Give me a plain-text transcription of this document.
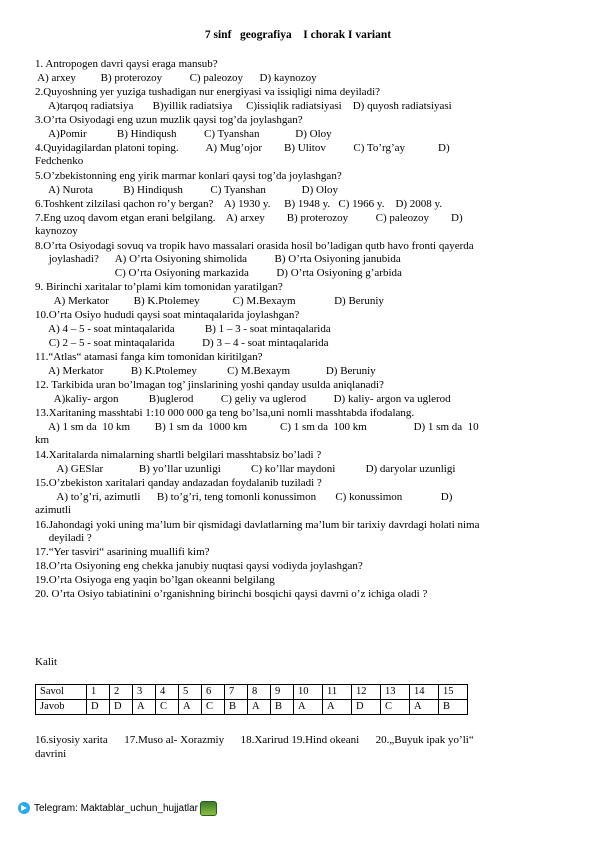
7 sinf   geografiya    I chorak I variant
1. Antropogen davri qaysi eraga mansub?
A) arxey         B) proterozoy          C) paleozoy      D) kaynozoy
2.Quyoshning yer yuziga tushadigan nur energiyasi va issiqligi nima deyiladi?
A)tarqoq radiatsiya       B)yillik radiatsiya     C)issiqlik radiatsiyasi    D) quyosh radiatsiyasi
3.O’rta Osiyodagi eng uzun muzlik qaysi tog’da joylashgan?
A)Pomir           B) Hindiqush          C) Tyanshan             D) Oloy
4.Quyidagilardan platoni toping.          A) Mug’ojor        B) Ulitov          C) To’rg’ay            D)
Fedchenko
5.O’zbekistonning eng yirik marmar konlari qaysi tog’da joylashgan?
A) Nurota           B) Hindiqush          C) Tyanshan             D) Oloy
6.Toshkent zilzilasi qachon ro’y bergan?    A) 1930 y.     B) 1948 y.   C) 1966 y.    D) 2008 y.
7.Eng uzoq davom etgan erani belgilang.    A) arxey        B) proterozoy          C) paleozoy        D)
kaynozoy
8.O’rta Osiyodagi sovuq va tropik havo massalari orasida hosil bo’ladigan qutb havo fronti qayerda
joylashadi?      A) O’rta Osiyoning shimolida          B) O’rta Osiyoning janubida
C) O’rta Osiyoning markazida          D) O’rta Osiyoning g’arbida
9. Birinchi xaritalar to’plami kim tomonidan yaratilgan?
A) Merkator         B) K.Ptolemey            C) M.Bexaym              D) Beruniy
10.O’rta Osiyo hududi qaysi soat mintaqalarida joylashgan?
A) 4 – 5 - soat mintaqalarida           B) 1 – 3 - soat mintaqalarida
C) 2 – 5 - soat mintaqalarida          D) 3 – 4 - soat mintaqalarida
11.“Atlas“ atamasi fanga kim tomonidan kiritilgan?
A) Merkator          B) K.Ptolemey           C) M.Bexaym             D) Beruniy
12. Tarkibida uran bo’lmagan tog’ jinslarining yoshi qanday usulda aniqlanadi?
A)kaliy- argon           B)uglerod          C) geliy va uglerod          D) kaliy- argon va uglerod
13.Xaritaning masshtabi 1:10 000 000 ga teng bo’lsa,uni nomli masshtabda ifodalang.
A) 1 sm da  10 km         B) 1 sm da  1000 km            C) 1 sm da  100 km                 D) 1 sm da  10
km
14.Xaritalarda nimalarning shartli belgilari masshtabsiz bo’ladi ?
A) GESlar             B) yo’llar uzunligi           C) ko’llar maydoni           D) daryolar uzunligi
15.O’zbekiston xaritalari qanday andazadan foydalanib tuziladi ?
A) to’g’ri, azimutli      B) to’g’ri, teng tomonli konussimon       C) konussimon              D)
azimutli
16.Jahondagi yoki uning ma’lum bir qismidagi davlatlarning ma’lum bir tarixiy davrdagi holati nima
deyiladi ?
17.“Yer tasviri“ asarining muallifi kim?
18.O’rta Osiyoning eng chekka janubiy nuqtasi qaysi vodiyda joylashgan?
19.O’rta Osiyoga eng yaqin bo’lgan okeanni belgilang
20. O’rta Osiyo tabiatinini o’rganishning birinchi bosqichi qaysi davrni o’z ichiga oladi ?
Kalit
Savol	1	2	3	4	5	6	7	8	9	10	11	12	13	14	15
Javob	D	D	A	C	A	C	B	A	B	A	A	D	C	A	B
16.siyosiy xarita      17.Muso al- Xorazmiy      18.Xarirud 19.Hind okeani      20.„Buyuk ipak yo’li“
davrini
Telegram: Maktablar_uchun_hujjatlar
